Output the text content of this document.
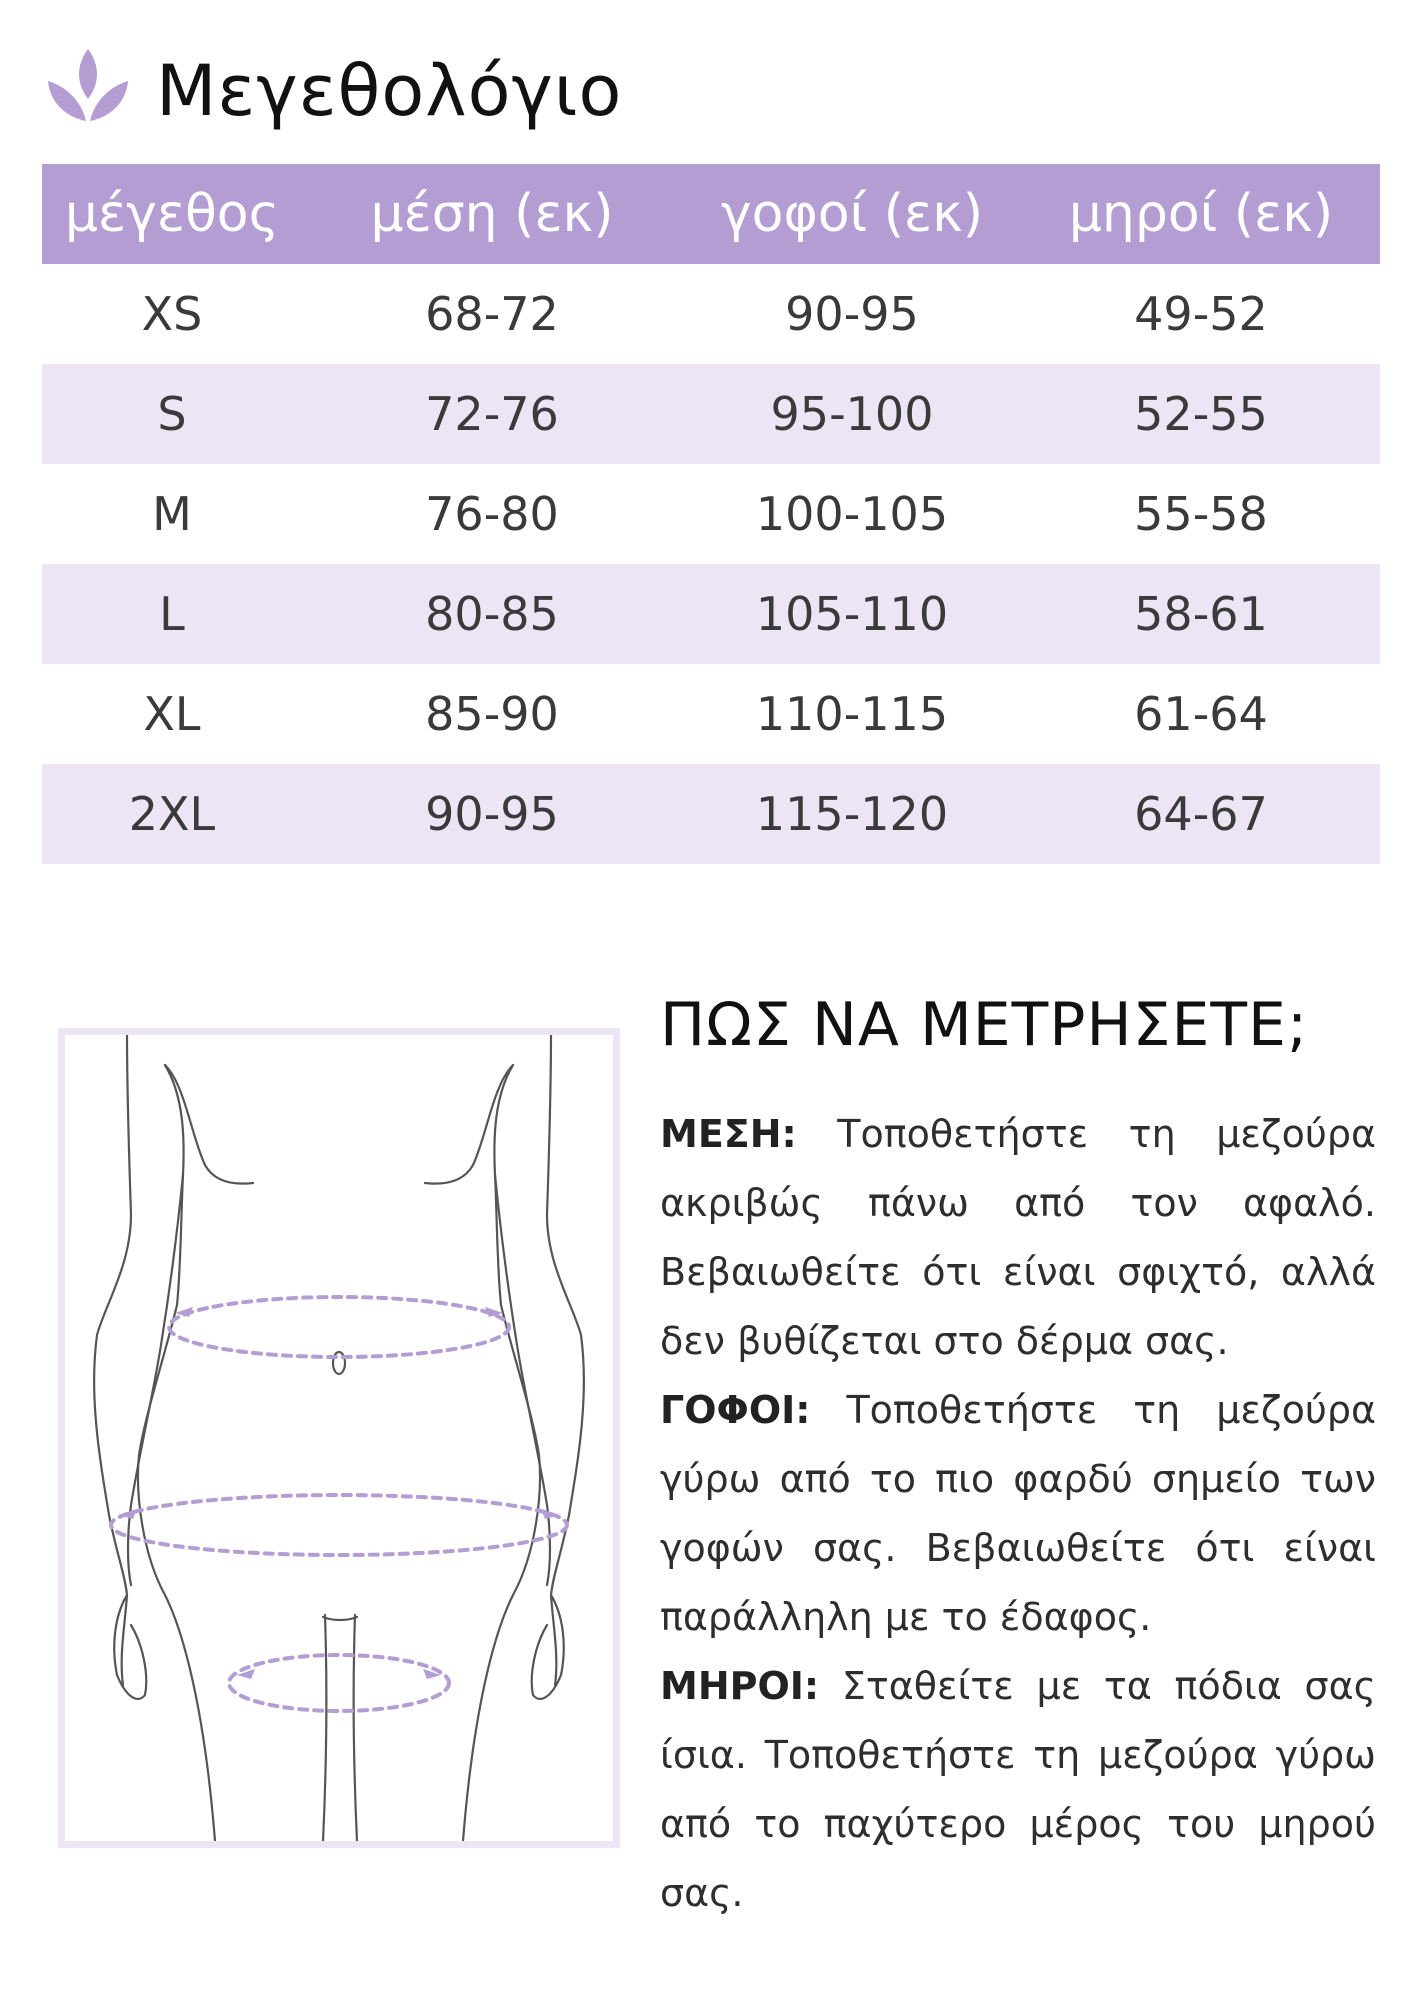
Μεγεθολόγιο
μέγεθος	μέση (εκ)	γοφοί (εκ)	μηροί (εκ)
XS	68-72	90-95	49-52
S	72-76	95-100	52-55
M	76-80	100-105	55-58
L	80-85	105-110	58-61
XL	85-90	110-115	61-64
2XL	90-95	115-120	64-67
ΠΩΣ ΝΑ ΜΕΤΡΗΣΕΤΕ;

ΜΕΣΗ: Τοποθετήστε τη μεζούρα ακριβώς πάνω από τον αφαλό. Βεβαιωθείτε ότι είναι σφιχτό, αλλά δεν βυθίζεται στο δέρμα σας.

ΓΟΦΟΙ: Τοποθετήστε τη μεζούρα γύρω από το πιο φαρδύ σημείο των γοφών σας. Βεβαιωθείτε ότι είναι παράλληλη με το έδαφος.

ΜΗΡΟΙ: Σταθείτε με τα πόδια σας ίσια. Τοποθετήστε τη μεζούρα γύρω από το παχύτερο μέρος του μηρού σας.
